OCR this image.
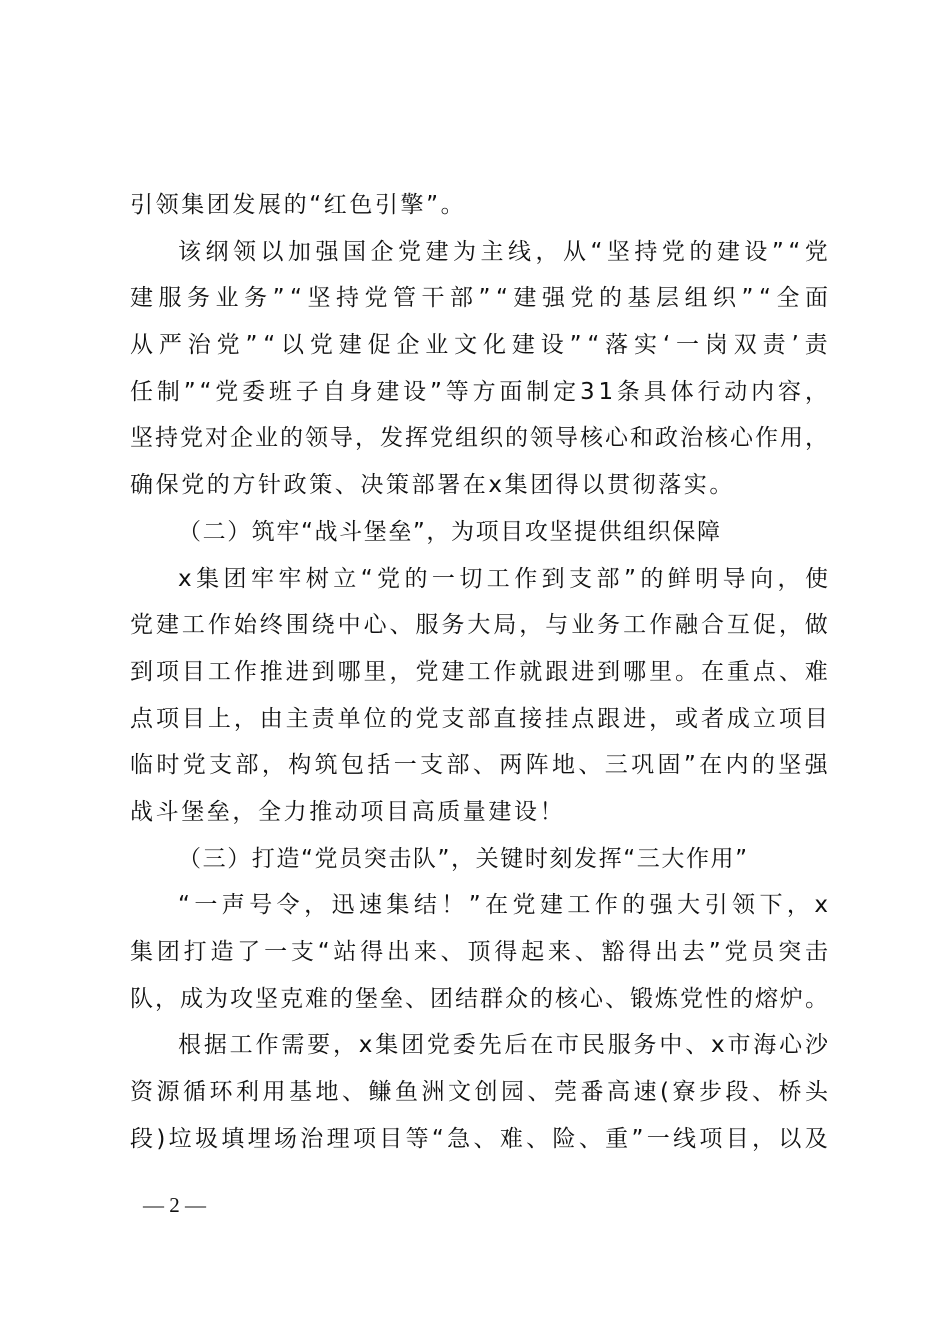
引领集团发展的“红色引擎”。
该 纲 领 以 加 强 国 企 党 建 为 主 线 ， 从 “ 坚 持 党 的 建 设 ” “ 党
建 服 务 业 务 ” “ 坚 持 党 管 干 部 ” “ 建 强 党 的 基 层 组 织 ” “ 全 面
从 严 治 党 ” “ 以 党 建 促 企 业 文 化 建 设 ” “ 落 实 ‘ 一 岗 双 责 ’ 责
任 制 ” “ 党 委 班 子 自 身 建 设 ” 等 方 面 制 定 3 1 条 具 体 行 动 内 容 ，
坚 持 党 对 企 业 的 领 导 ， 发 挥 党 组 织 的 领 导 核 心 和 政 治 核 心 作 用 ，
确保党的方针政策、决策部署在x集团得以贯彻落实。
（二）筑牢“战斗堡垒”，为项目攻坚提供组织保障
x 集 团 牢 牢 树 立 “ 党 的 一 切 工 作 到 支 部 ” 的 鲜 明 导 向 ， 使
党 建 工 作 始 终 围 绕 中 心 、 服 务 大 局 ， 与 业 务 工 作 融 合 互 促 ， 做
到 项 目 工 作 推 进 到 哪 里 ， 党 建 工 作 就 跟 进 到 哪 里 。 在 重 点 、 难
点 项 目 上 ， 由 主 责 单 位 的 党 支 部 直 接 挂 点 跟 进 ， 或 者 成 立 项 目
临 时 党 支 部 ， 构 筑 包 括 一 支 部 、 两 阵 地 、 三 巩 固 ” 在 内 的 坚 强
战斗堡垒，全力推动项目高质量建设！
（三）打造“党员突击队”，关键时刻发挥“三大作用”
“ 一 声 号 令 ， 迅 速 集 结 ！ ” 在 党 建 工 作 的 强 大 引 领 下 ， x
集 团 打 造 了 一 支 “ 站 得 出 来 、 顶 得 起 来 、 豁 得 出 去 ” 党 员 突 击
队 ， 成 为 攻 坚 克 难 的 堡 垒 、 团 结 群 众 的 核 心 、 锻 炼 党 性 的 熔 炉 。
根 据 工 作 需 要 ， x 集 团 党 委 先 后 在 市 民 服 务 中 、 x 市 海 心 沙
资 源 循 环 利 用 基 地 、 鳒 鱼 洲 文 创 园 、 莞 番 高 速 ( 寮 步 段 、 桥 头
段 ) 垃 圾 填 埋 场 治 理 项 目 等 “ 急 、 难 、 险 、 重 ” 一 线 项 目 ， 以 及
— 2 —
